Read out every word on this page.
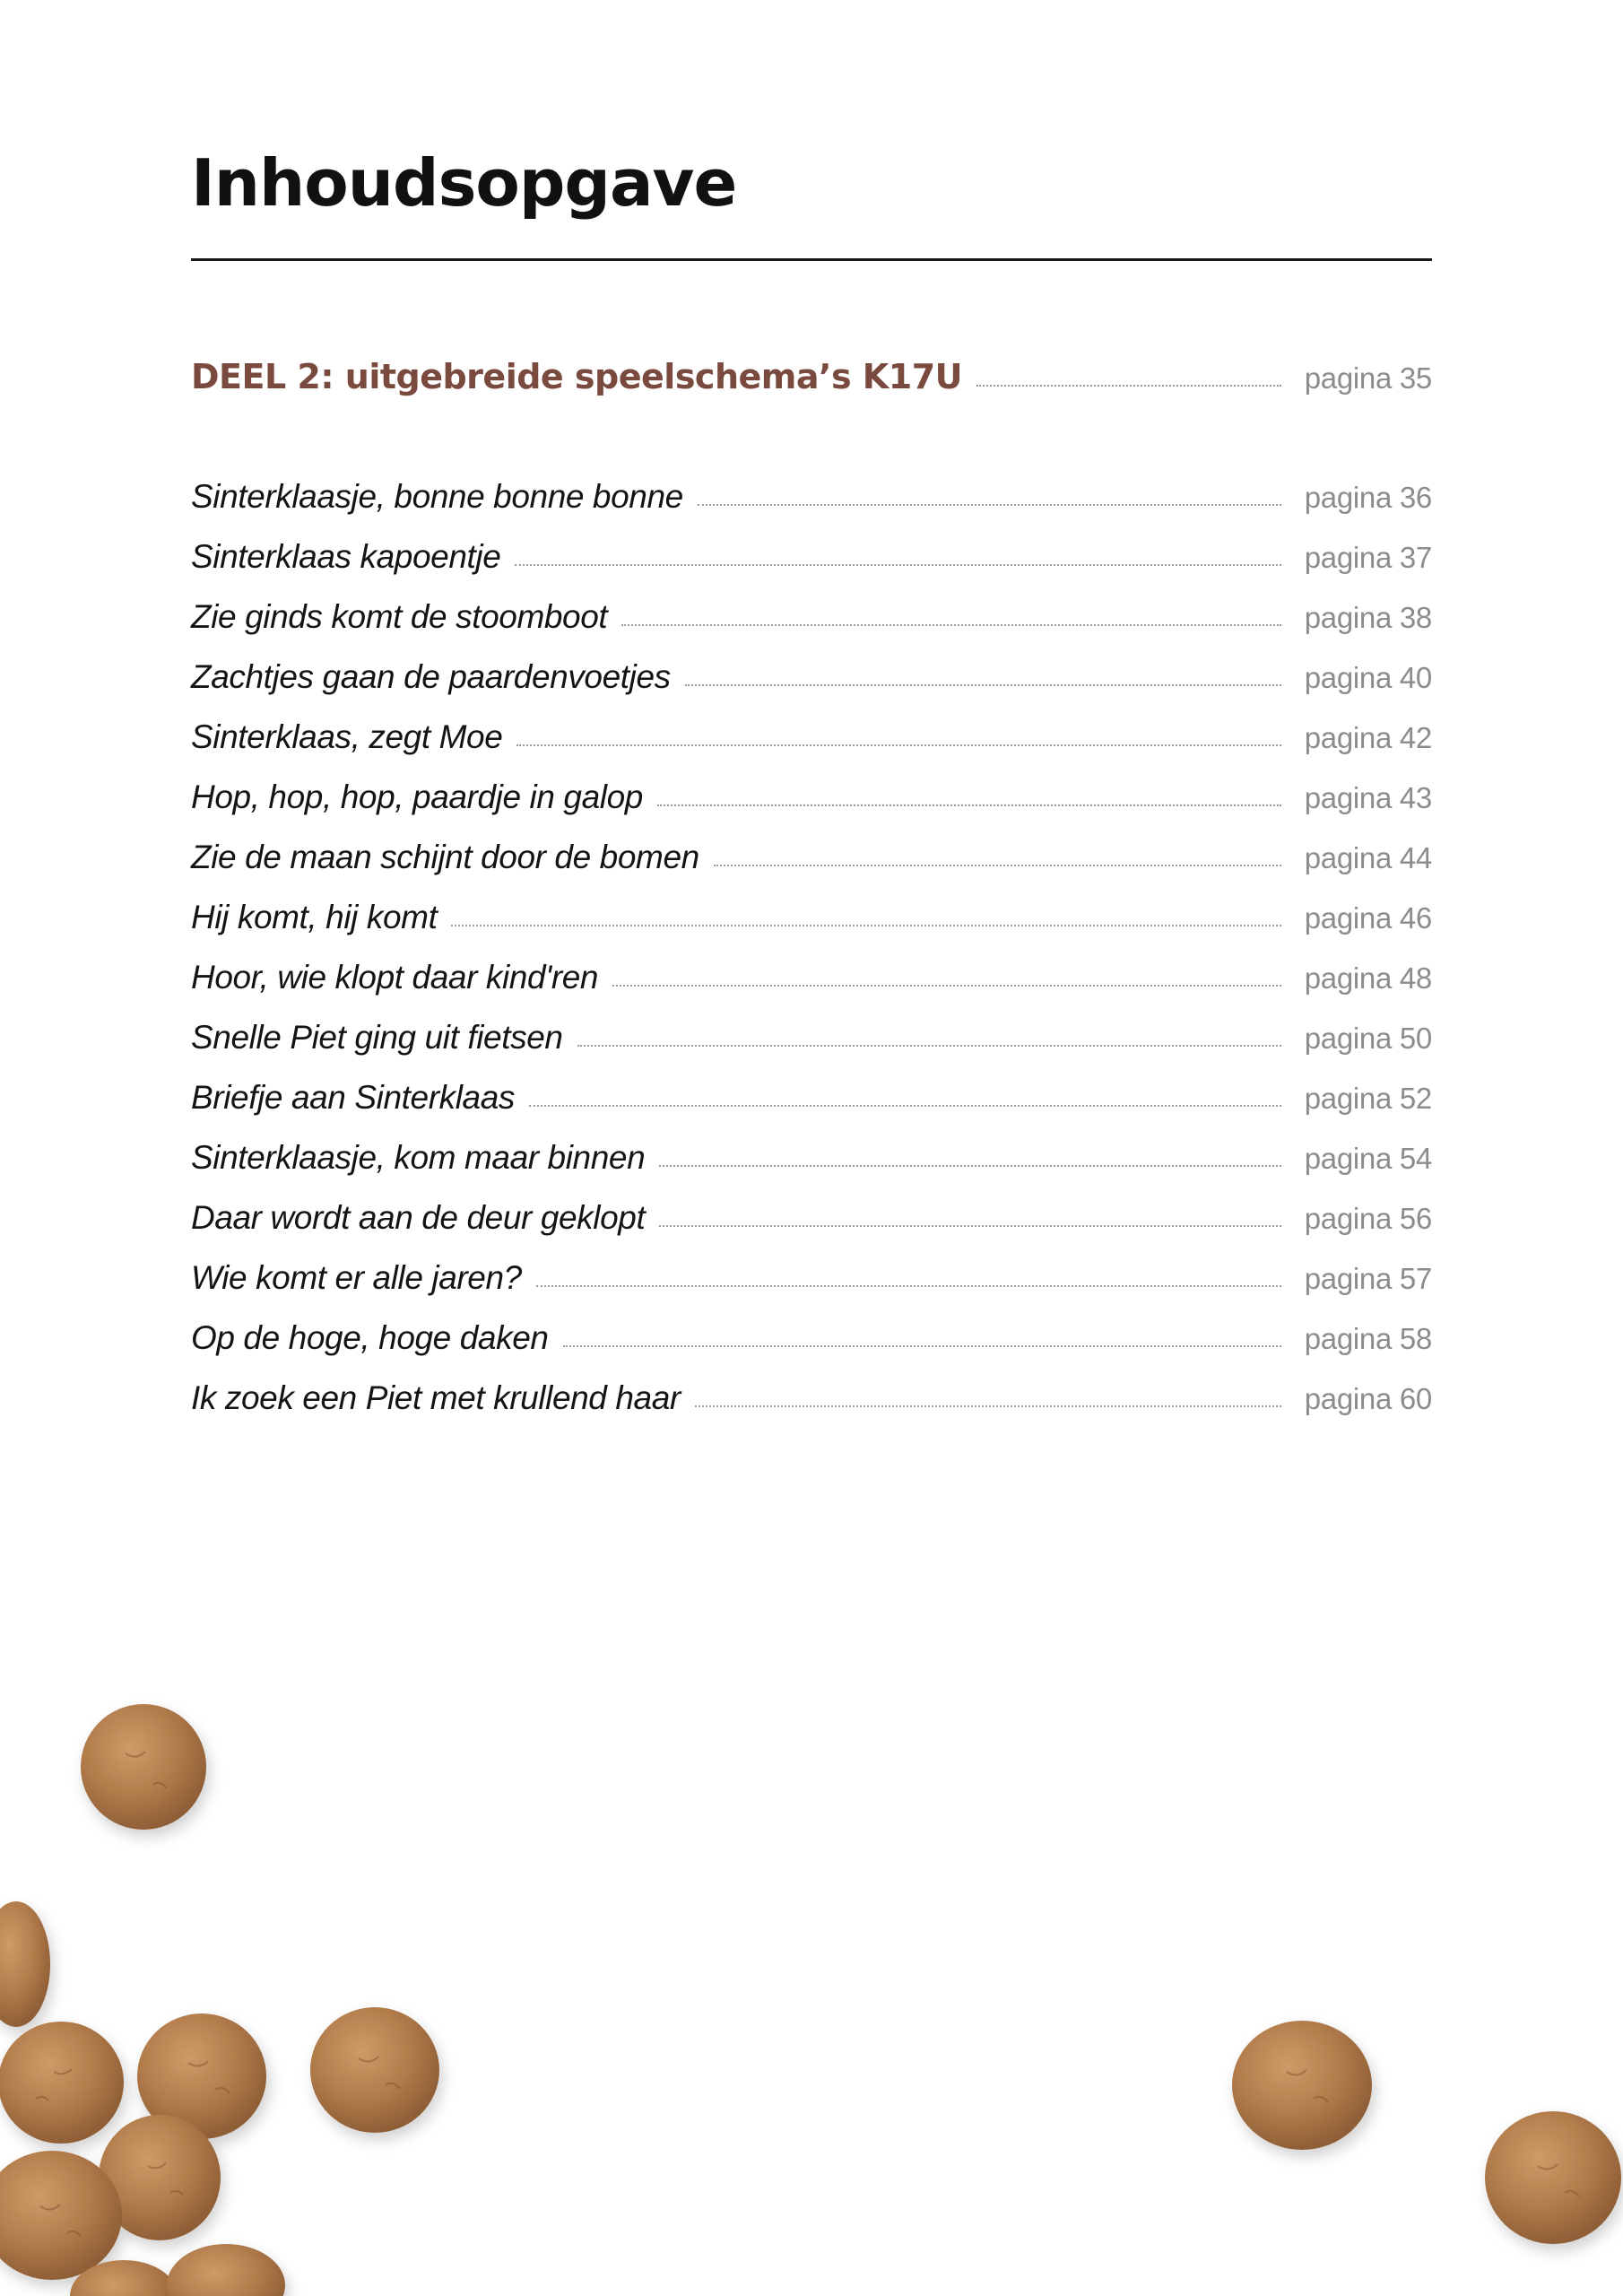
Inhoudsopgave
DEEL 2: uitgebreide speelschema’s K17U	pagina 35
Sinterklaasje, bonne bonne bonne	pagina 36
Sinterklaas kapoentje	pagina 37
Zie ginds komt de stoomboot	pagina 38
Zachtjes gaan de paardenvoetjes	pagina 40
Sinterklaas, zegt Moe	pagina 42
Hop, hop, hop, paardje in galop	pagina 43
Zie de maan schijnt door de bomen	pagina 44
Hij komt, hij komt	pagina 46
Hoor, wie klopt daar kind'ren	pagina 48
Snelle Piet ging uit fietsen	pagina 50
Briefje aan Sinterklaas	pagina 52
Sinterklaasje, kom maar binnen	pagina 54
Daar wordt aan de deur geklopt	pagina 56
Wie komt er alle jaren?	pagina 57
Op de hoge, hoge daken	pagina 58
Ik zoek een Piet met krullend haar	pagina 60
